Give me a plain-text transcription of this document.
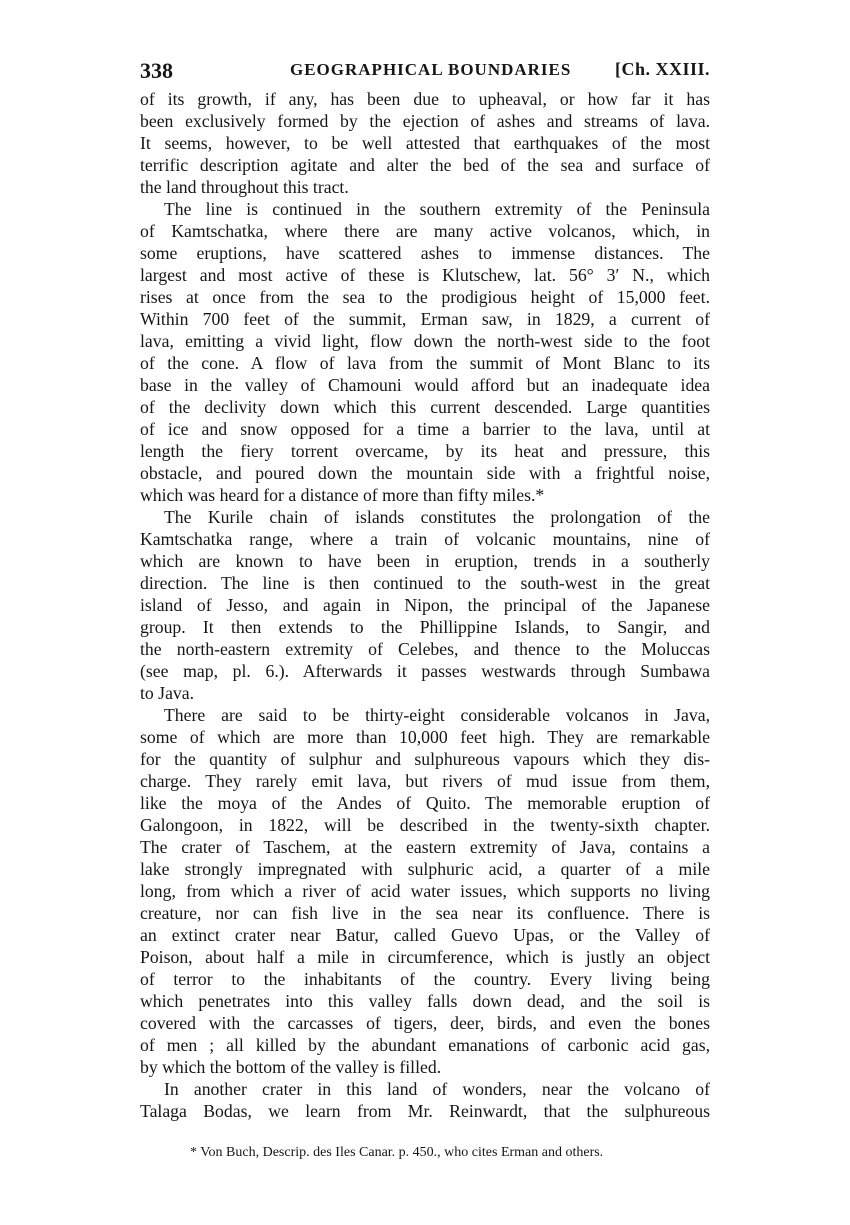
338	GEOGRAPHICAL BOUNDARIES [Ch. XXIII.
of its growth, if any, has been due to upheaval, or how far it has
been exclusively formed by the ejection of ashes and streams of lava.
It seems, however, to be well attested that earthquakes of the most
terrific description agitate and alter the bed of the sea and surface of
the land throughout this tract.
The line is continued in the southern extremity of the Peninsula
of Kamtschatka, where there are many active volcanos, which, in
some eruptions, have scattered ashes to immense distances. The
largest and most active of these is Klutschew, lat. 56° 3′ N., which
rises at once from the sea to the prodigious height of 15,000 feet.
Within 700 feet of the summit, Erman saw, in 1829, a current of
lava, emitting a vivid light, flow down the north-west side to the foot
of the cone. A flow of lava from the summit of Mont Blanc to its
base in the valley of Chamouni would afford but an inadequate idea
of the declivity down which this current descended. Large quantities
of ice and snow opposed for a time a barrier to the lava, until at
length the fiery torrent overcame, by its heat and pressure, this
obstacle, and poured down the mountain side with a frightful noise,
which was heard for a distance of more than fifty miles.*
The Kurile chain of islands constitutes the prolongation of the
Kamtschatka range, where a train of volcanic mountains, nine of
which are known to have been in eruption, trends in a southerly
direction. The line is then continued to the south-west in the great
island of Jesso, and again in Nipon, the principal of the Japanese
group. It then extends to the Phillippine Islands, to Sangir, and
the north-eastern extremity of Celebes, and thence to the Moluccas
(see map, pl. 6.). Afterwards it passes westwards through Sumbawa
to Java.
There are said to be thirty-eight considerable volcanos in Java,
some of which are more than 10,000 feet high. They are remarkable
for the quantity of sulphur and sulphureous vapours which they dis-
charge. They rarely emit lava, but rivers of mud issue from them,
like the moya of the Andes of Quito. The memorable eruption of
Galongoon, in 1822, will be described in the twenty-sixth chapter.
The crater of Taschem, at the eastern extremity of Java, contains a
lake strongly impregnated with sulphuric acid, a quarter of a mile
long, from which a river of acid water issues, which supports no living
creature, nor can fish live in the sea near its confluence. There is
an extinct crater near Batur, called Guevo Upas, or the Valley of
Poison, about half a mile in circumference, which is justly an object
of terror to the inhabitants of the country. Every living being
which penetrates into this valley falls down dead, and the soil is
covered with the carcasses of tigers, deer, birds, and even the bones
of men ; all killed by the abundant emanations of carbonic acid gas,
by which the bottom of the valley is filled.
In another crater in this land of wonders, near the volcano of
Talaga Bodas, we learn from Mr. Reinwardt, that the sulphureous
* Von Buch, Descrip. des Iles Canar. p. 450., who cites Erman and others.
